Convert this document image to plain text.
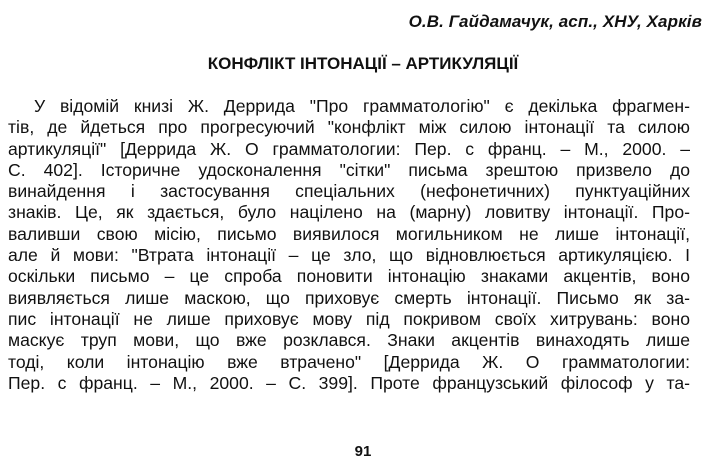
О.В. Гайдамачук, асп., ХНУ, Харків
КОНФЛІКТ ІНТОНАЦІЇ – АРТИКУЛЯЦІЇ
У відомій книзі Ж. Деррида "Про грамматологію" є декілька фрагмен-
тів, де йдеться про прогресуючий "конфлікт між силою інтонації та силою
артикуляції" [Деррида Ж. О грамматологии: Пер. с франц. – М., 2000. –
С. 402]. Історичне удосконалення "сітки" письма зрештою призвело до
винайдення і застосування спеціальних (нефонетичних) пунктуаційних
знаків. Це, як здається, було націлено на (марну) ловитву інтонації. Про-
валивши свою місію, письмо виявилося могильником не лише інтонації,
але й мови: "Втрата інтонації – це зло, що відновлюється артикуляцією. І
оскільки письмо – це спроба поновити інтонацію знаками акцентів, воно
виявляється лише маскою, що приховує смерть інтонації. Письмо як за-
пис інтонації не лише приховує мову під покривом своїх хитрувань: воно
маскує труп мови, що вже розклався. Знаки акцентів винаходять лише
тоді, коли інтонацію вже втрачено" [Деррида Ж. О грамматологии:
Пер. с франц. – М., 2000. – С. 399]. Проте французський філософ у та-
91
